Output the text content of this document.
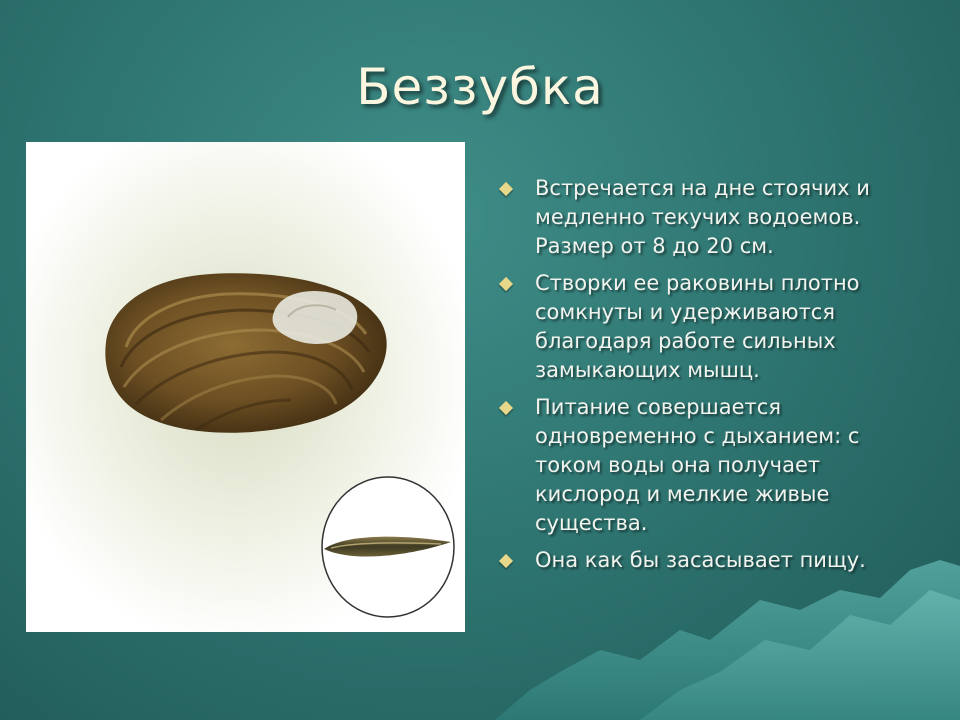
Беззубка
Встречается на дне стоячих и медленно текучих водоемов. Размер от 8 до 20 см.
Створки ее раковины плотно сомкнуты и удерживаются благодаря работе сильных замыкающих мышц.
Питание совершается одновременно с дыханием: с током воды она получает кислород и мелкие живые существа.
Она как бы засасывает пищу.
